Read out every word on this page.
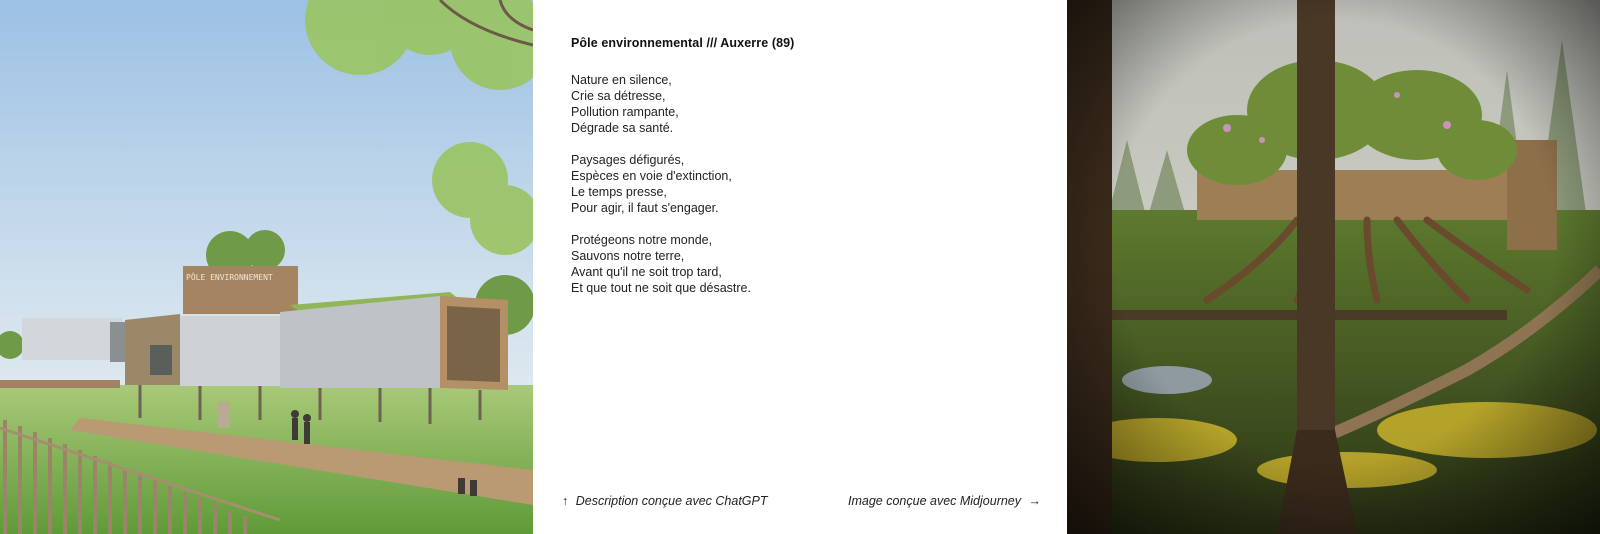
PÔLE ENVIRONNEMENT
Pôle environnemental /// Auxerre (89)
Nature en silence,
Crie sa détresse,
Pollution rampante,
Dégrade sa santé.
Paysages défigurés,
Espèces en voie d'extinction,
Le temps presse,
Pour agir, il faut s'engager.
Protégeons notre monde,
Sauvons notre terre,
Avant qu'il ne soit trop tard,
Et que tout ne soit que désastre.
↑ Description conçue avec ChatGPT	Image conçue avec Midjourney →
